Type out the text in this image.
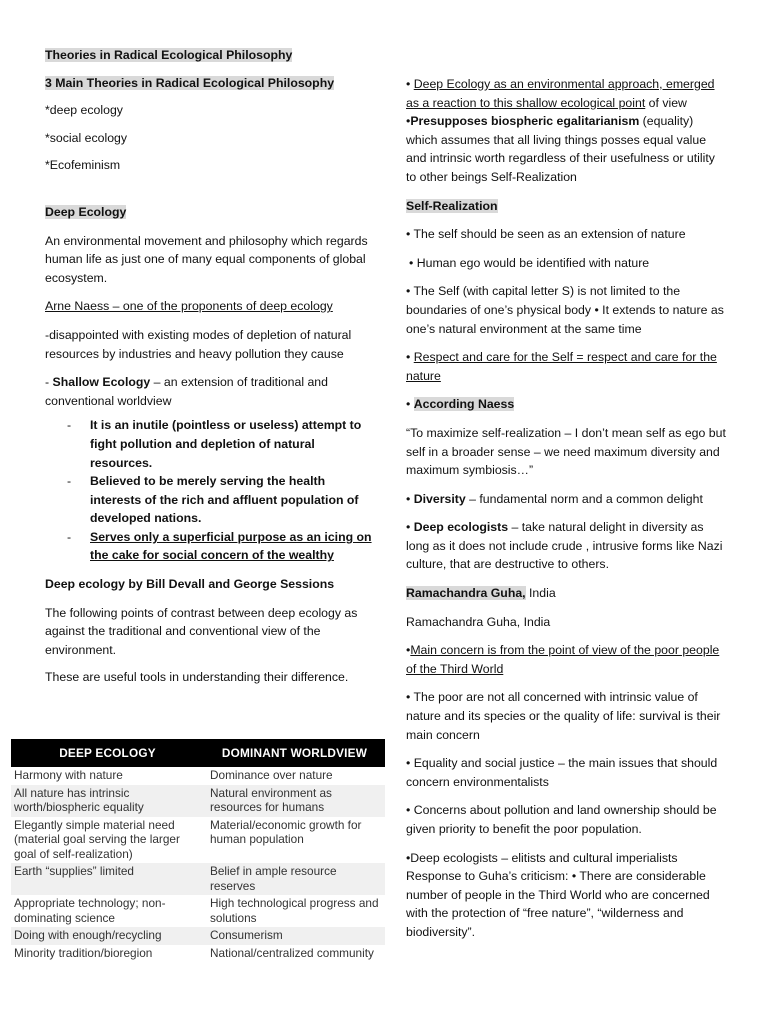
Theories in Radical Ecological Philosophy

3 Main Theories in Radical Ecological Philosophy

*deep ecology

*social ecology

*Ecofeminism

Deep Ecology

An environmental movement and philosophy which regards human life as just one of many equal components of global ecosystem.

Arne Naess – one of the proponents of deep ecology

-disappointed with existing modes of depletion of natural resources by industries and heavy pollution they cause

- Shallow Ecology – an extension of traditional and conventional worldview

- It is an inutile (pointless or useless) attempt to fight pollution and depletion of natural resources.
- Believed to be merely serving the health interests of the rich and affluent population of developed nations.
- Serves only a superficial purpose as an icing on the cake for social concern of the wealthy

Deep ecology by Bill Devall and George Sessions

The following points of contrast between deep ecology as against the traditional and conventional view of the environment.

These are useful tools in understanding their difference.

DEEP ECOLOGY	DOMINANT WORLDVIEW
Harmony with nature	Dominance over nature
All nature has intrinsic worth/biospheric equality	Natural environment as resources for humans
Elegantly simple material need (material goal serving the larger goal of self-realization)	Material/economic growth for human population
Earth “supplies” limited	Belief in ample resource reserves
Appropriate technology; non-dominating science	High technological progress and solutions
Doing with enough/recycling	Consumerism
Minority tradition/bioregion	National/centralized community

• Deep Ecology as an environmental approach, emerged as a reaction to this shallow ecological point of view

•Presupposes biospheric egalitarianism (equality) which assumes that all living things posses equal value and intrinsic worth regardless of their usefulness or utility to other beings Self-Realization

Self-Realization

• The self should be seen as an extension of nature

• Human ego would be identified with nature

• The Self (with capital letter S) is not limited to the boundaries of one’s physical body • It extends to nature as one’s natural environment at the same time

• Respect and care for the Self = respect and care for the nature

• According Naess

“To maximize self-realization – I don’t mean self as ego but self in a broader sense – we need maximum diversity and maximum symbiosis…”

• Diversity – fundamental norm and a common delight

• Deep ecologists – take natural delight in diversity as long as it does not include crude , intrusive forms like Nazi culture, that are destructive to others.

Ramachandra Guha, India

Ramachandra Guha, India

•Main concern is from the point of view of the poor people of the Third World

• The poor are not all concerned with intrinsic value of nature and its species or the quality of life: survival is their main concern

• Equality and social justice – the main issues that should concern environmentalists

• Concerns about pollution and land ownership should be given priority to benefit the poor population.

•Deep ecologists – elitists and cultural imperialists Response to Guha’s criticism: • There are considerable number of people in the Third World who are concerned with the protection of “free nature”, “wilderness and biodiversity”.
